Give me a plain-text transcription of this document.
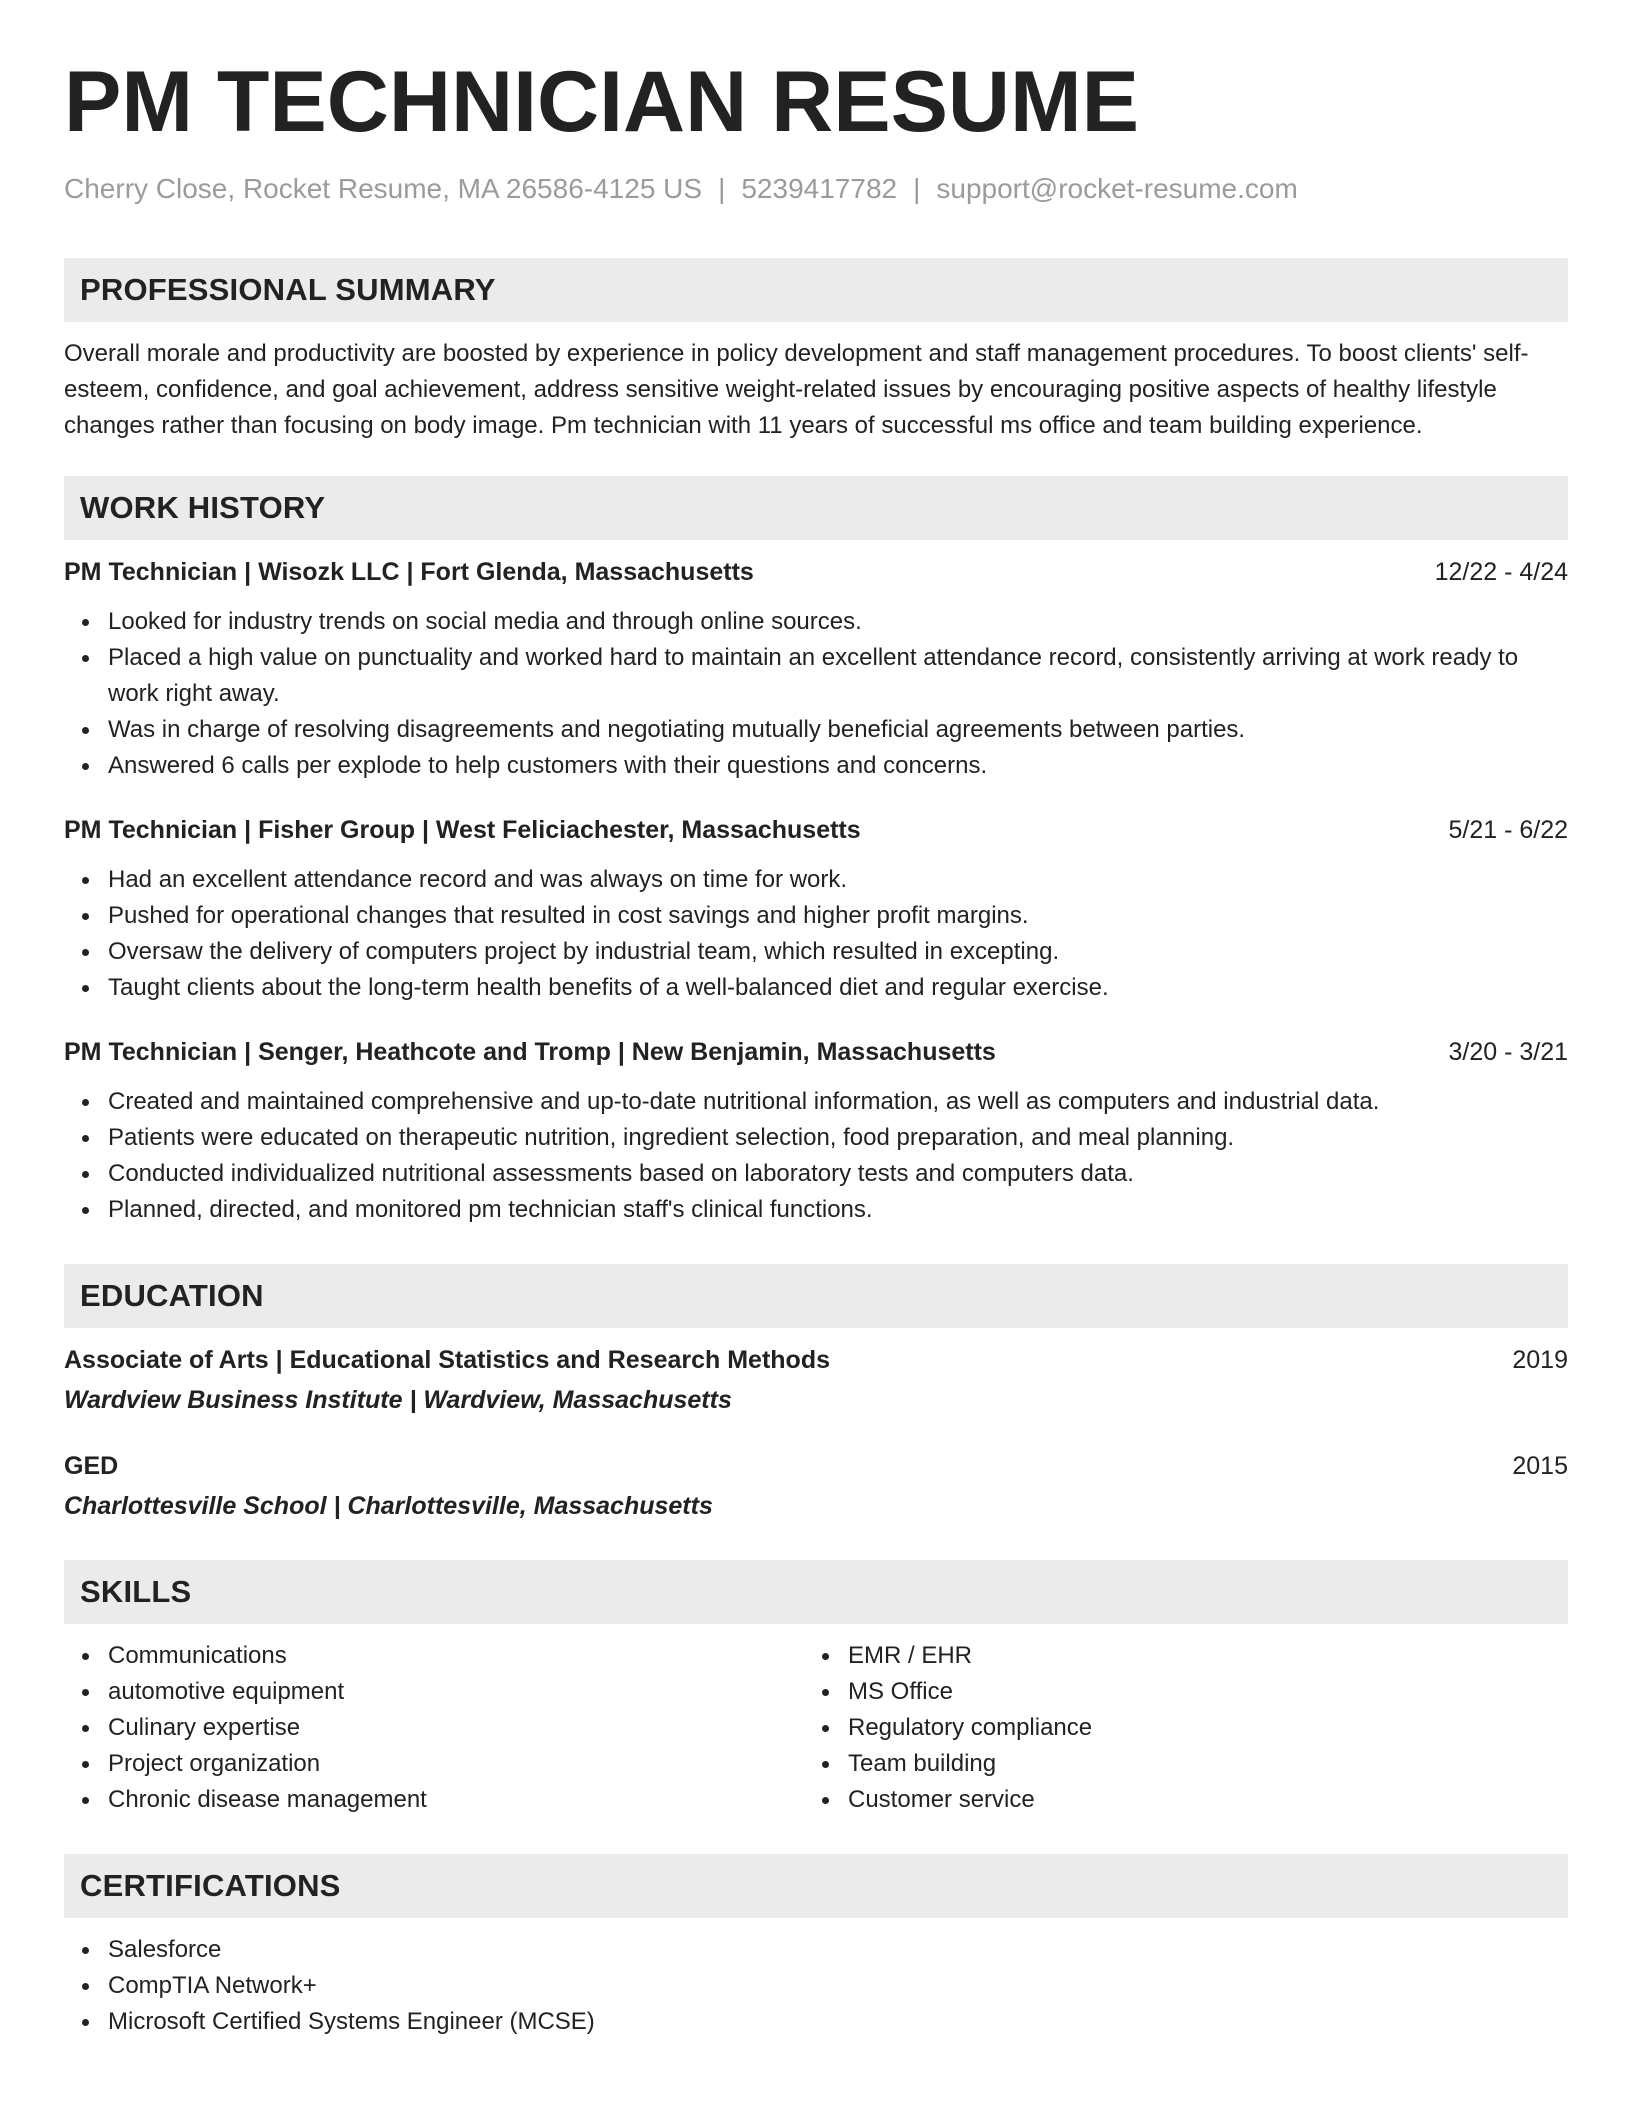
PM TECHNICIAN RESUME
Cherry Close, Rocket Resume, MA 26586-4125 US | 5239417782 | support@rocket-resume.com
PROFESSIONAL SUMMARY
Overall morale and productivity are boosted by experience in policy development and staff management procedures. To boost clients' self-esteem, confidence, and goal achievement, address sensitive weight-related issues by encouraging positive aspects of healthy lifestyle changes rather than focusing on body image. Pm technician with 11 years of successful ms office and team building experience.
WORK HISTORY
PM Technician | Wisozk LLC | Fort Glenda, Massachusetts	12/22 - 4/24
Looked for industry trends on social media and through online sources.
Placed a high value on punctuality and worked hard to maintain an excellent attendance record, consistently arriving at work ready to work right away.
Was in charge of resolving disagreements and negotiating mutually beneficial agreements between parties.
Answered 6 calls per explode to help customers with their questions and concerns.
PM Technician | Fisher Group | West Feliciachester, Massachusetts	5/21 - 6/22
Had an excellent attendance record and was always on time for work.
Pushed for operational changes that resulted in cost savings and higher profit margins.
Oversaw the delivery of computers project by industrial team, which resulted in excepting.
Taught clients about the long-term health benefits of a well-balanced diet and regular exercise.
PM Technician | Senger, Heathcote and Tromp | New Benjamin, Massachusetts	3/20 - 3/21
Created and maintained comprehensive and up-to-date nutritional information, as well as computers and industrial data.
Patients were educated on therapeutic nutrition, ingredient selection, food preparation, and meal planning.
Conducted individualized nutritional assessments based on laboratory tests and computers data.
Planned, directed, and monitored pm technician staff's clinical functions.
EDUCATION
Associate of Arts | Educational Statistics and Research Methods	2019
Wardview Business Institute | Wardview, Massachusetts
GED	2015
Charlottesville School | Charlottesville, Massachusetts
SKILLS
Communications
automotive equipment
Culinary expertise
Project organization
Chronic disease management
EMR / EHR
MS Office
Regulatory compliance
Team building
Customer service
CERTIFICATIONS
Salesforce
CompTIA Network+
Microsoft Certified Systems Engineer (MCSE)
